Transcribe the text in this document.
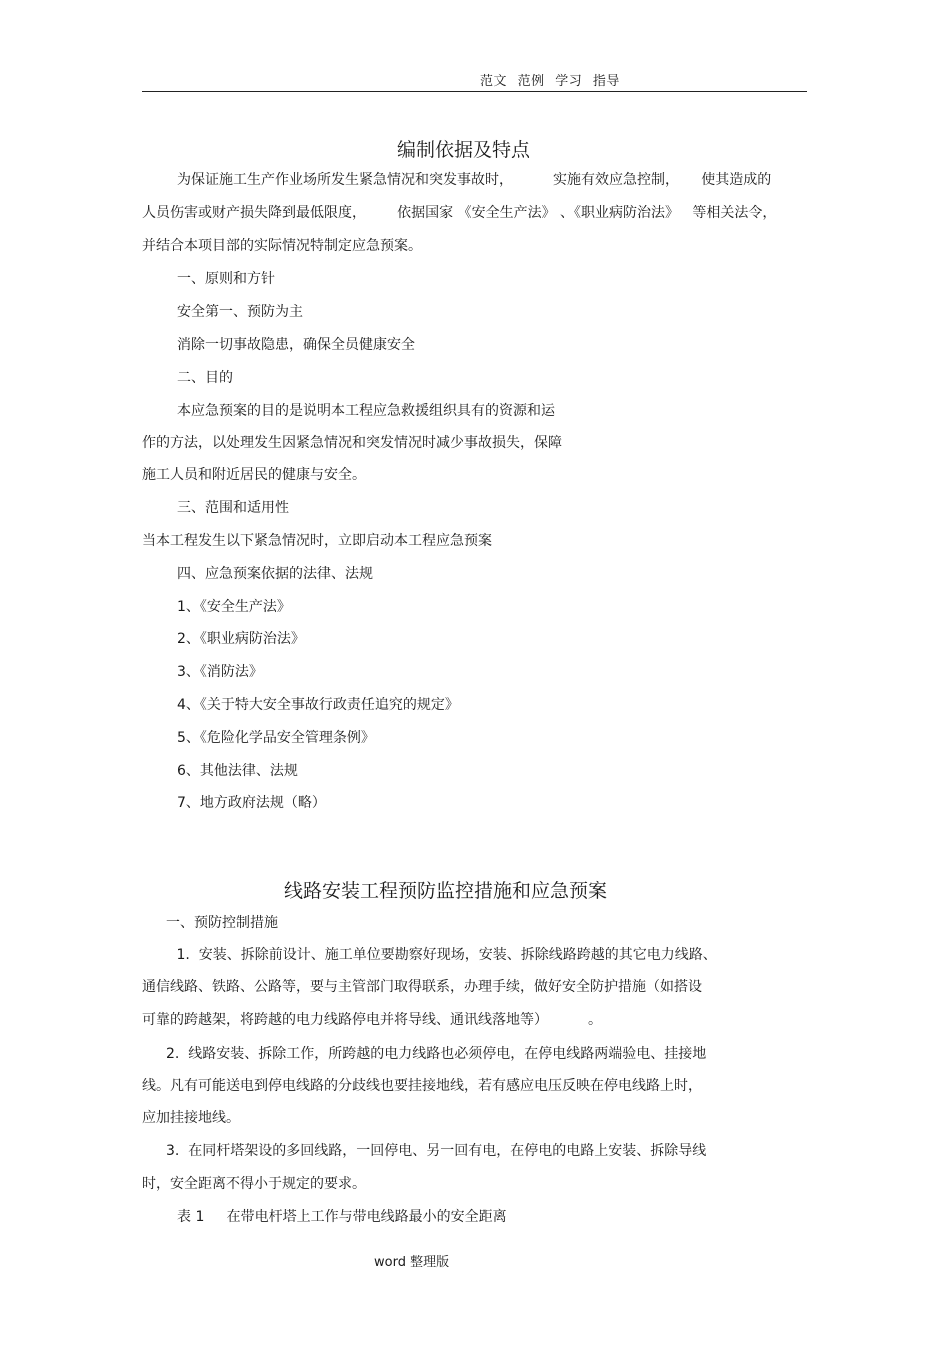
范文 范例 学习 指导
编制依据及特点
为保证施工生产作业场所发生紧急情况和突发事故时，         实施有效应急控制，     使其造成的
人员伤害或财产损失降到最低限度，       依据国家 《安全生产法》 、《职业病防治法》   等相关法令，
并结合本项目部的实际情况特制定应急预案。
一、原则和方针
安全第一、预防为主
消除一切事故隐患，确保全员健康安全
二、目的
本应急预案的目的是说明本工程应急救援组织具有的资源和运
作的方法，以处理发生因紧急情况和突发情况时减少事故损失，保障
施工人员和附近居民的健康与安全。
三、范围和适用性
当本工程发生以下紧急情况时，立即启动本工程应急预案
四、应急预案依据的法律、法规
1、《安全生产法》
2、《职业病防治法》
3、《消防法》
4、《关于特大安全事故行政责任追究的规定》
5、《危险化学品安全管理条例》
6、其他法律、法规
7、地方政府法规（略）
线路安装工程预防监控措施和应急预案
一、预防控制措施
1.  安装、拆除前设计、施工单位要勘察好现场，安装、拆除线路跨越的其它电力线路、
通信线路、铁路、公路等，要与主管部门取得联系，办理手续，做好安全防护措施（如搭设
可靠的跨越架，将跨越的电力线路停电并将导线、通讯线落地等）         。
2.  线路安装、拆除工作，所跨越的电力线路也必须停电，在停电线路两端验电、挂接地
线。凡有可能送电到停电线路的分歧线也要挂接地线，若有感应电压反映在停电线路上时，
应加挂接地线。
3.  在同杆塔架设的多回线路，一回停电、另一回有电，在停电的电路上安装、拆除导线
时，安全距离不得小于规定的要求。
表 1     在带电杆塔上工作与带电线路最小的安全距离
word 整理版
